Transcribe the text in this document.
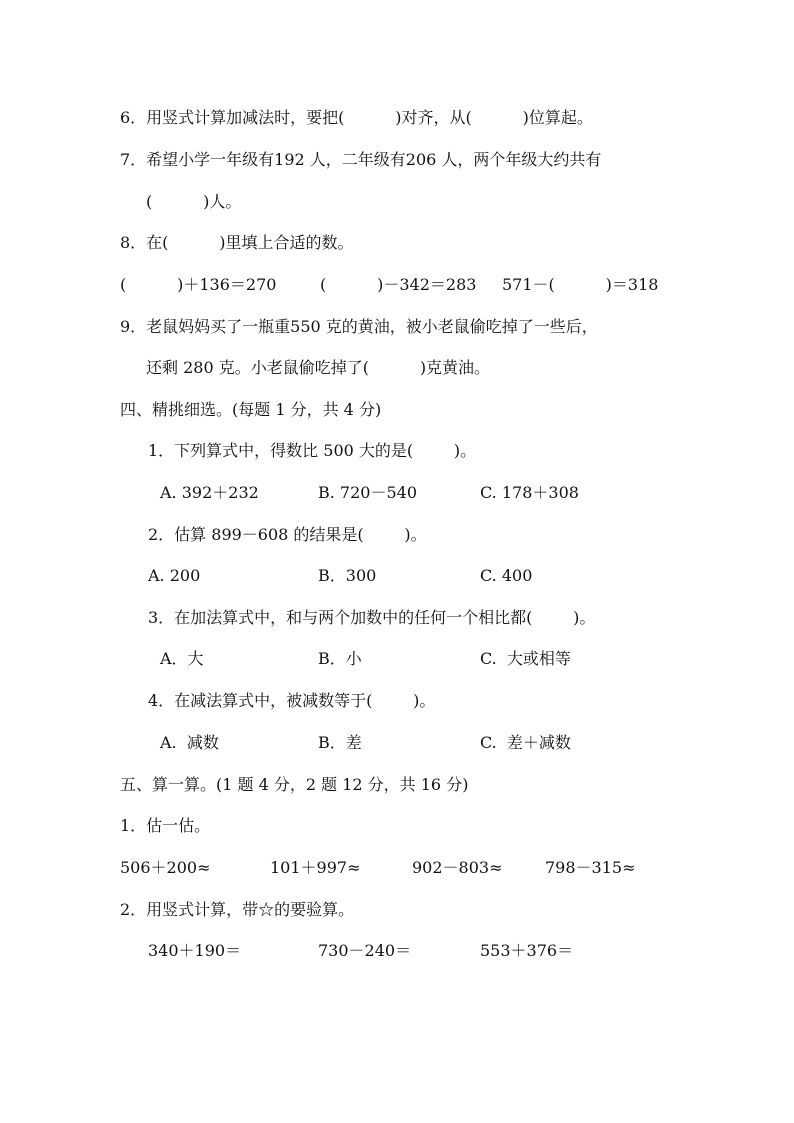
6．用竖式计算加减法时，要把(          )对齐，从(          )位算起。
7．希望小学一年级有192 人，二年级有206 人，两个年级大约共有
(          )人。
8．在(          )里填上合适的数。
(          )＋136＝270	(          )－342＝283 571－(          )＝318
9．老鼠妈妈买了一瓶重550 克的黄油，被小老鼠偷吃掉了一些后，
还剩 280 克。小老鼠偷吃掉了(          )克黄油。
四、精挑细选。(每题 1 分，共 4 分)
1．下列算式中，得数比 500 大的是(        )。
A. 392＋232	B. 720－540	C. 178＋308
2．估算 899－608 的结果是(        )。
A. 200	B．300	C. 400
3．在加法算式中，和与两个加数中的任何一个相比都(        )。
A．大	B．小	C.  大或相等
4．在减法算式中，被减数等于(        )。
A.  减数	B．差	C.  差＋减数
五、算一算。(1 题 4 分，2 题 12 分，共 16 分)
1．估一估。
506＋200≈	101＋997≈	902－803≈	798－315≈
2．用竖式计算，带☆的要验算。
340＋190＝	730－240＝	553＋376＝
